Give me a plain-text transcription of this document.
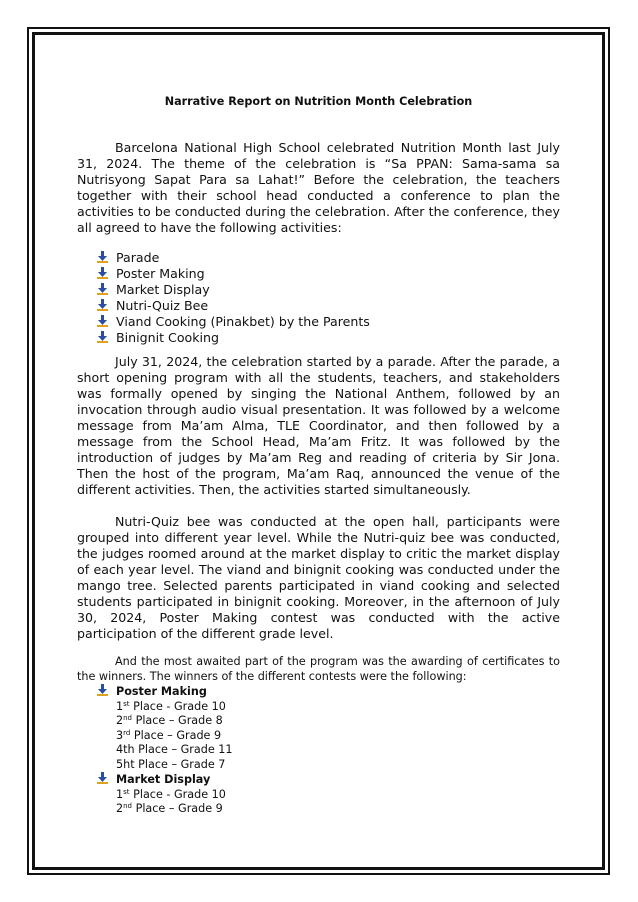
Narrative Report on Nutrition Month Celebration

Barcelona National High School celebrated Nutrition Month last July 31, 2024. The theme of the celebration is “Sa PPAN: Sama-sama sa Nutrisyong Sapat Para sa Lahat!” Before the celebration, the teachers together with their school head conducted a conference to plan the activities to be conducted during the celebration. After the conference, they all agreed to have the following activities:

Parade
Poster Making
Market Display
Nutri-Quiz Bee
Viand Cooking (Pinakbet) by the Parents
Binignit Cooking

July 31, 2024, the celebration started by a parade. After the parade, a short opening program with all the students, teachers, and stakeholders was formally opened by singing the National Anthem, followed by an invocation through audio visual presentation. It was followed by a welcome message from Ma’am Alma, TLE Coordinator, and then followed by a message from the School Head, Ma’am Fritz. It was followed by the introduction of judges by Ma’am Reg and reading of criteria by Sir Jona. Then the host of the program, Ma’am Raq, announced the venue of the different activities. Then, the activities started simultaneously.

Nutri-Quiz bee was conducted at the open hall, participants were grouped into different year level. While the Nutri-quiz bee was conducted, the judges roomed around at the market display to critic the market display of each year level. The viand and binignit cooking was conducted under the mango tree. Selected parents participated in viand cooking and selected students participated in binignit cooking. Moreover, in the afternoon of July 30, 2024, Poster Making contest was conducted with the active participation of the different grade level.

And the most awaited part of the program was the awarding of certificates to the winners. The winners of the different contests were the following:

Poster Making
1st Place - Grade 10
2nd Place – Grade 8
3rd Place – Grade 9
4th Place – Grade 11
5ht Place – Grade 7
Market Display
1st Place - Grade 10
2nd Place – Grade 9
